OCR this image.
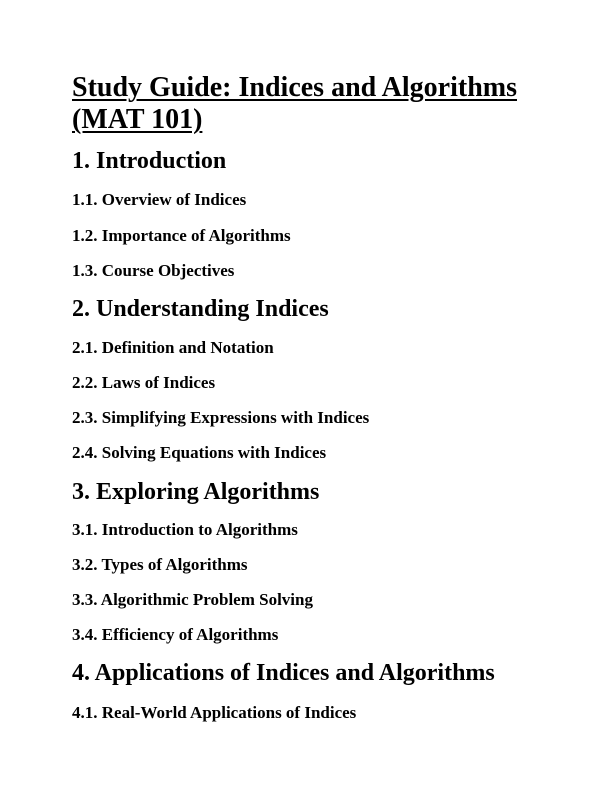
Study Guide: Indices and Algorithms (MAT 101)
1. Introduction
1.1. Overview of Indices
1.2. Importance of Algorithms
1.3. Course Objectives
2. Understanding Indices
2.1. Definition and Notation
2.2. Laws of Indices
2.3. Simplifying Expressions with Indices
2.4. Solving Equations with Indices
3. Exploring Algorithms
3.1. Introduction to Algorithms
3.2. Types of Algorithms
3.3. Algorithmic Problem Solving
3.4. Efficiency of Algorithms
4. Applications of Indices and Algorithms
4.1. Real-World Applications of Indices
